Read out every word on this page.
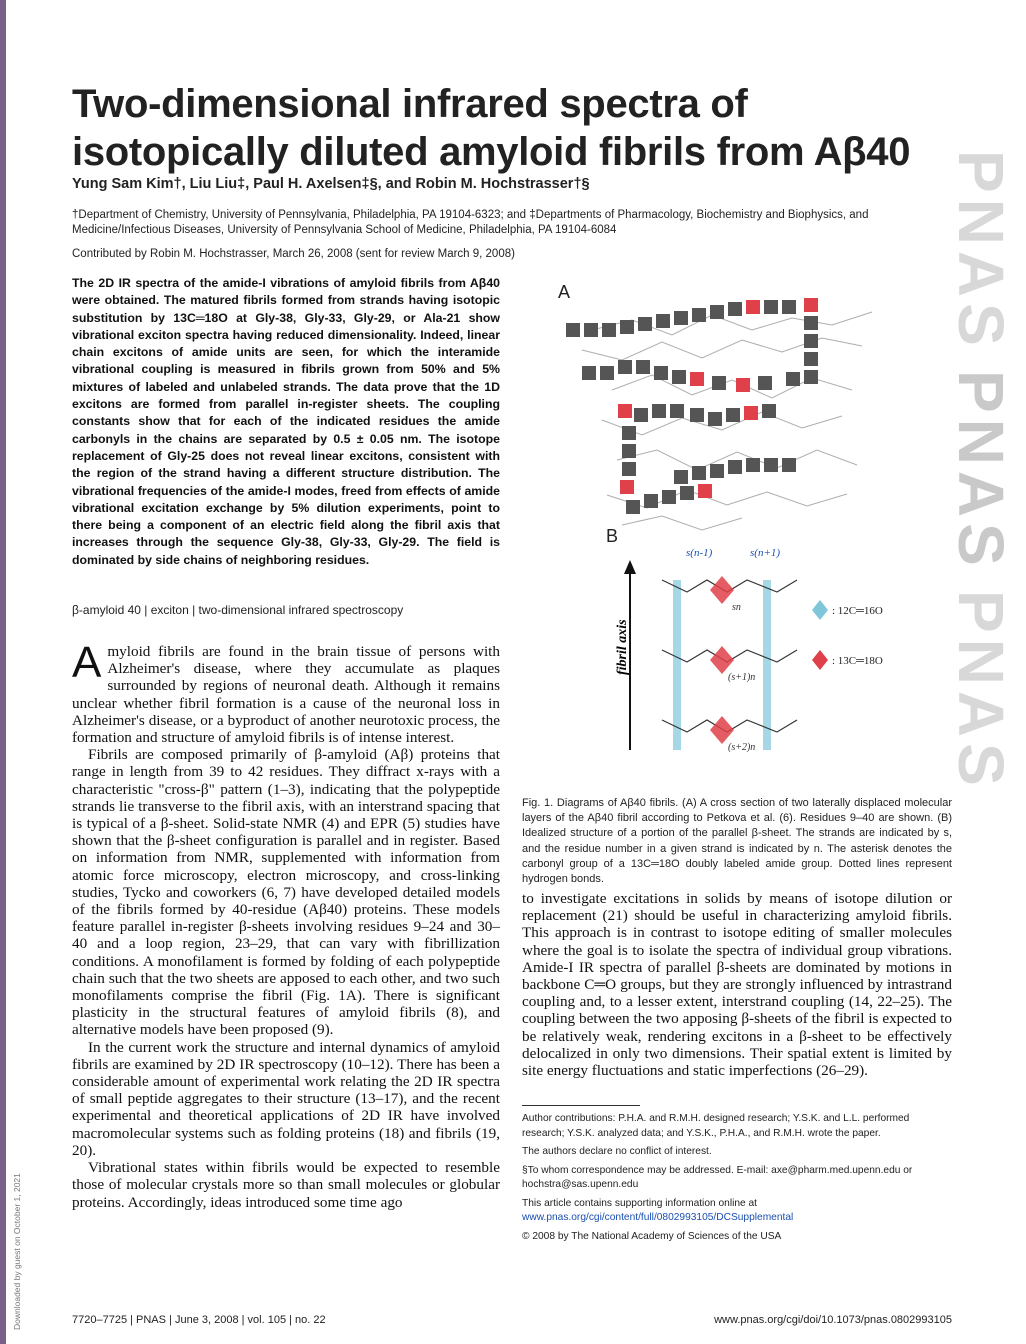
PNAS
PNAS
PNAS
Two-dimensional infrared spectra of isotopically diluted amyloid fibrils from Aβ40
Yung Sam Kim†, Liu Liu‡, Paul H. Axelsen‡§, and Robin M. Hochstrasser†§
†Department of Chemistry, University of Pennsylvania, Philadelphia, PA 19104-6323; and ‡Departments of Pharmacology, Biochemistry and Biophysics, and Medicine/Infectious Diseases, University of Pennsylvania School of Medicine, Philadelphia, PA 19104-6084
Contributed by Robin M. Hochstrasser, March 26, 2008 (sent for review March 9, 2008)
The 2D IR spectra of the amide-I vibrations of amyloid fibrils from Aβ40 were obtained. The matured fibrils formed from strands having isotopic substitution by 13C═18O at Gly-38, Gly-33, Gly-29, or Ala-21 show vibrational exciton spectra having reduced dimensionality. Indeed, linear chain excitons of amide units are seen, for which the interamide vibrational coupling is measured in fibrils grown from 50% and 5% mixtures of labeled and unlabeled strands. The data prove that the 1D excitons are formed from parallel in-register sheets. The coupling constants show that for each of the indicated residues the amide carbonyls in the chains are separated by 0.5 ± 0.05 nm. The isotope replacement of Gly-25 does not reveal linear excitons, consistent with the region of the strand having a different structure distribution. The vibrational frequencies of the amide-I modes, freed from effects of amide vibrational excitation exchange by 5% dilution experiments, point to there being a component of an electric field along the fibril axis that increases through the sequence Gly-38, Gly-33, Gly-29. The field is dominated by side chains of neighboring residues.
β-amyloid 40 | exciton | two-dimensional infrared spectroscopy

Amyloid fibrils are found in the brain tissue of persons with Alzheimer's disease, where they accumulate as plaques surrounded by regions of neuronal death. Although it remains unclear whether fibril formation is a cause of the neuronal loss in Alzheimer's disease, or a byproduct of another neurotoxic process, the formation and structure of amyloid fibrils is of intense interest.

Fibrils are composed primarily of β-amyloid (Aβ) proteins that range in length from 39 to 42 residues. They diffract x-rays with a characteristic "cross-β" pattern (1–3), indicating that the polypeptide strands lie transverse to the fibril axis, with an interstrand spacing that is typical of a β-sheet. Solid-state NMR (4) and EPR (5) studies have shown that the β-sheet configuration is parallel and in register. Based on information from NMR, supplemented with information from atomic force microscopy, electron microscopy, and cross-linking studies, Tycko and coworkers (6, 7) have developed detailed models of the fibrils formed by 40-residue (Aβ40) proteins. These models feature parallel in-register β-sheets involving residues 9–24 and 30–40 and a loop region, 23–29, that can vary with fibrillization conditions. A monofilament is formed by folding of each polypeptide chain such that the two sheets are apposed to each other, and two such monofilaments comprise the fibril (Fig. 1A). There is significant plasticity in the structural features of amyloid fibrils (8), and alternative models have been proposed (9).

In the current work the structure and internal dynamics of amyloid fibrils are examined by 2D IR spectroscopy (10–12). There has been a considerable amount of experimental work relating the 2D IR spectra of small peptide aggregates to their structure (13–17), and the recent experimental and theoretical applications of 2D IR have involved macromolecular systems such as folding proteins (18) and fibrils (19, 20).

Vibrational states within fibrils would be expected to resemble those of molecular crystals more so than small molecules or globular proteins. Accordingly, ideas introduced some time ago

A
B
fibril axis
s(n-1)	s(n+1)
sn
(s+1)n
(s+2)n
: 12C═16O
: 13C═18O
Fig. 1. Diagrams of Aβ40 fibrils. (A) A cross section of two laterally displaced molecular layers of the Aβ40 fibril according to Petkova et al. (6). Residues 9–40 are shown. (B) Idealized structure of a portion of the parallel β-sheet. The strands are indicated by s, and the residue number in a given strand is indicated by n. The asterisk denotes the carbonyl group of a 13C═18O doubly labeled amide group. Dotted lines represent hydrogen bonds.
to investigate excitations in solids by means of isotope dilution or replacement (21) should be useful in characterizing amyloid fibrils. This approach is in contrast to isotope editing of smaller molecules where the goal is to isolate the spectra of individual group vibrations. Amide-I IR spectra of parallel β-sheets are dominated by motions in backbone C═O groups, but they are strongly influenced by intrastrand coupling and, to a lesser extent, interstrand coupling (14, 22–25). The coupling between the two apposing β-sheets of the fibril is expected to be relatively weak, rendering excitons in a β-sheet to be effectively delocalized in only two dimensions. Their spatial extent is limited by site energy fluctuations and static imperfections (26–29).

Author contributions: P.H.A. and R.M.H. designed research; Y.S.K. and L.L. performed research; Y.S.K. analyzed data; and Y.S.K., P.H.A., and R.M.H. wrote the paper.

The authors declare no conflict of interest.

§To whom correspondence may be addressed. E-mail: axe@pharm.med.upenn.edu or hochstra@sas.upenn.edu

This article contains supporting information online at www.pnas.org/cgi/content/full/0802993105/DCSupplemental

© 2008 by The National Academy of Sciences of the USA

7720–7725 | PNAS | June 3, 2008 | vol. 105 | no. 22	www.pnas.org/cgi/doi/10.1073/pnas.0802993105
Downloaded by guest on October 1, 2021
